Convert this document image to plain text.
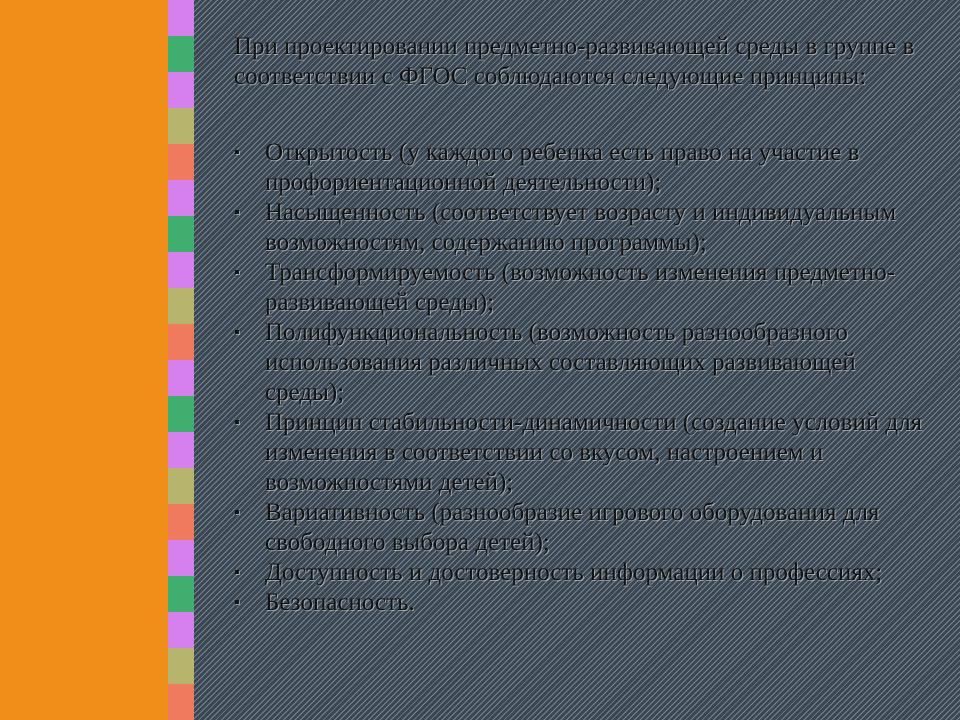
При проектировании предметно-развивающей среды в группе в соответствии с ФГОС соблюдаются следующие принципы:

▪ Открытость (у каждого ребенка есть право на участие в профориентационной деятельности);
▪ Насыщенность (соответствует возрасту и индивидуальным возможностям, содержанию программы);
▪ Трансформируемость (возможность изменения предметно- развивающей среды);
▪ Полифункциональность (возможность разнообразного использования различных составляющих развивающей среды);
▪ Принцип стабильности-динамичности (создание условий для изменения в соответствии со вкусом, настроением и возможностями детей);
▪ Вариативность (разнообразие игрового оборудования для свободного выбора детей);
▪ Доступность и достоверность информации о профессиях;
▪ Безопасность.
